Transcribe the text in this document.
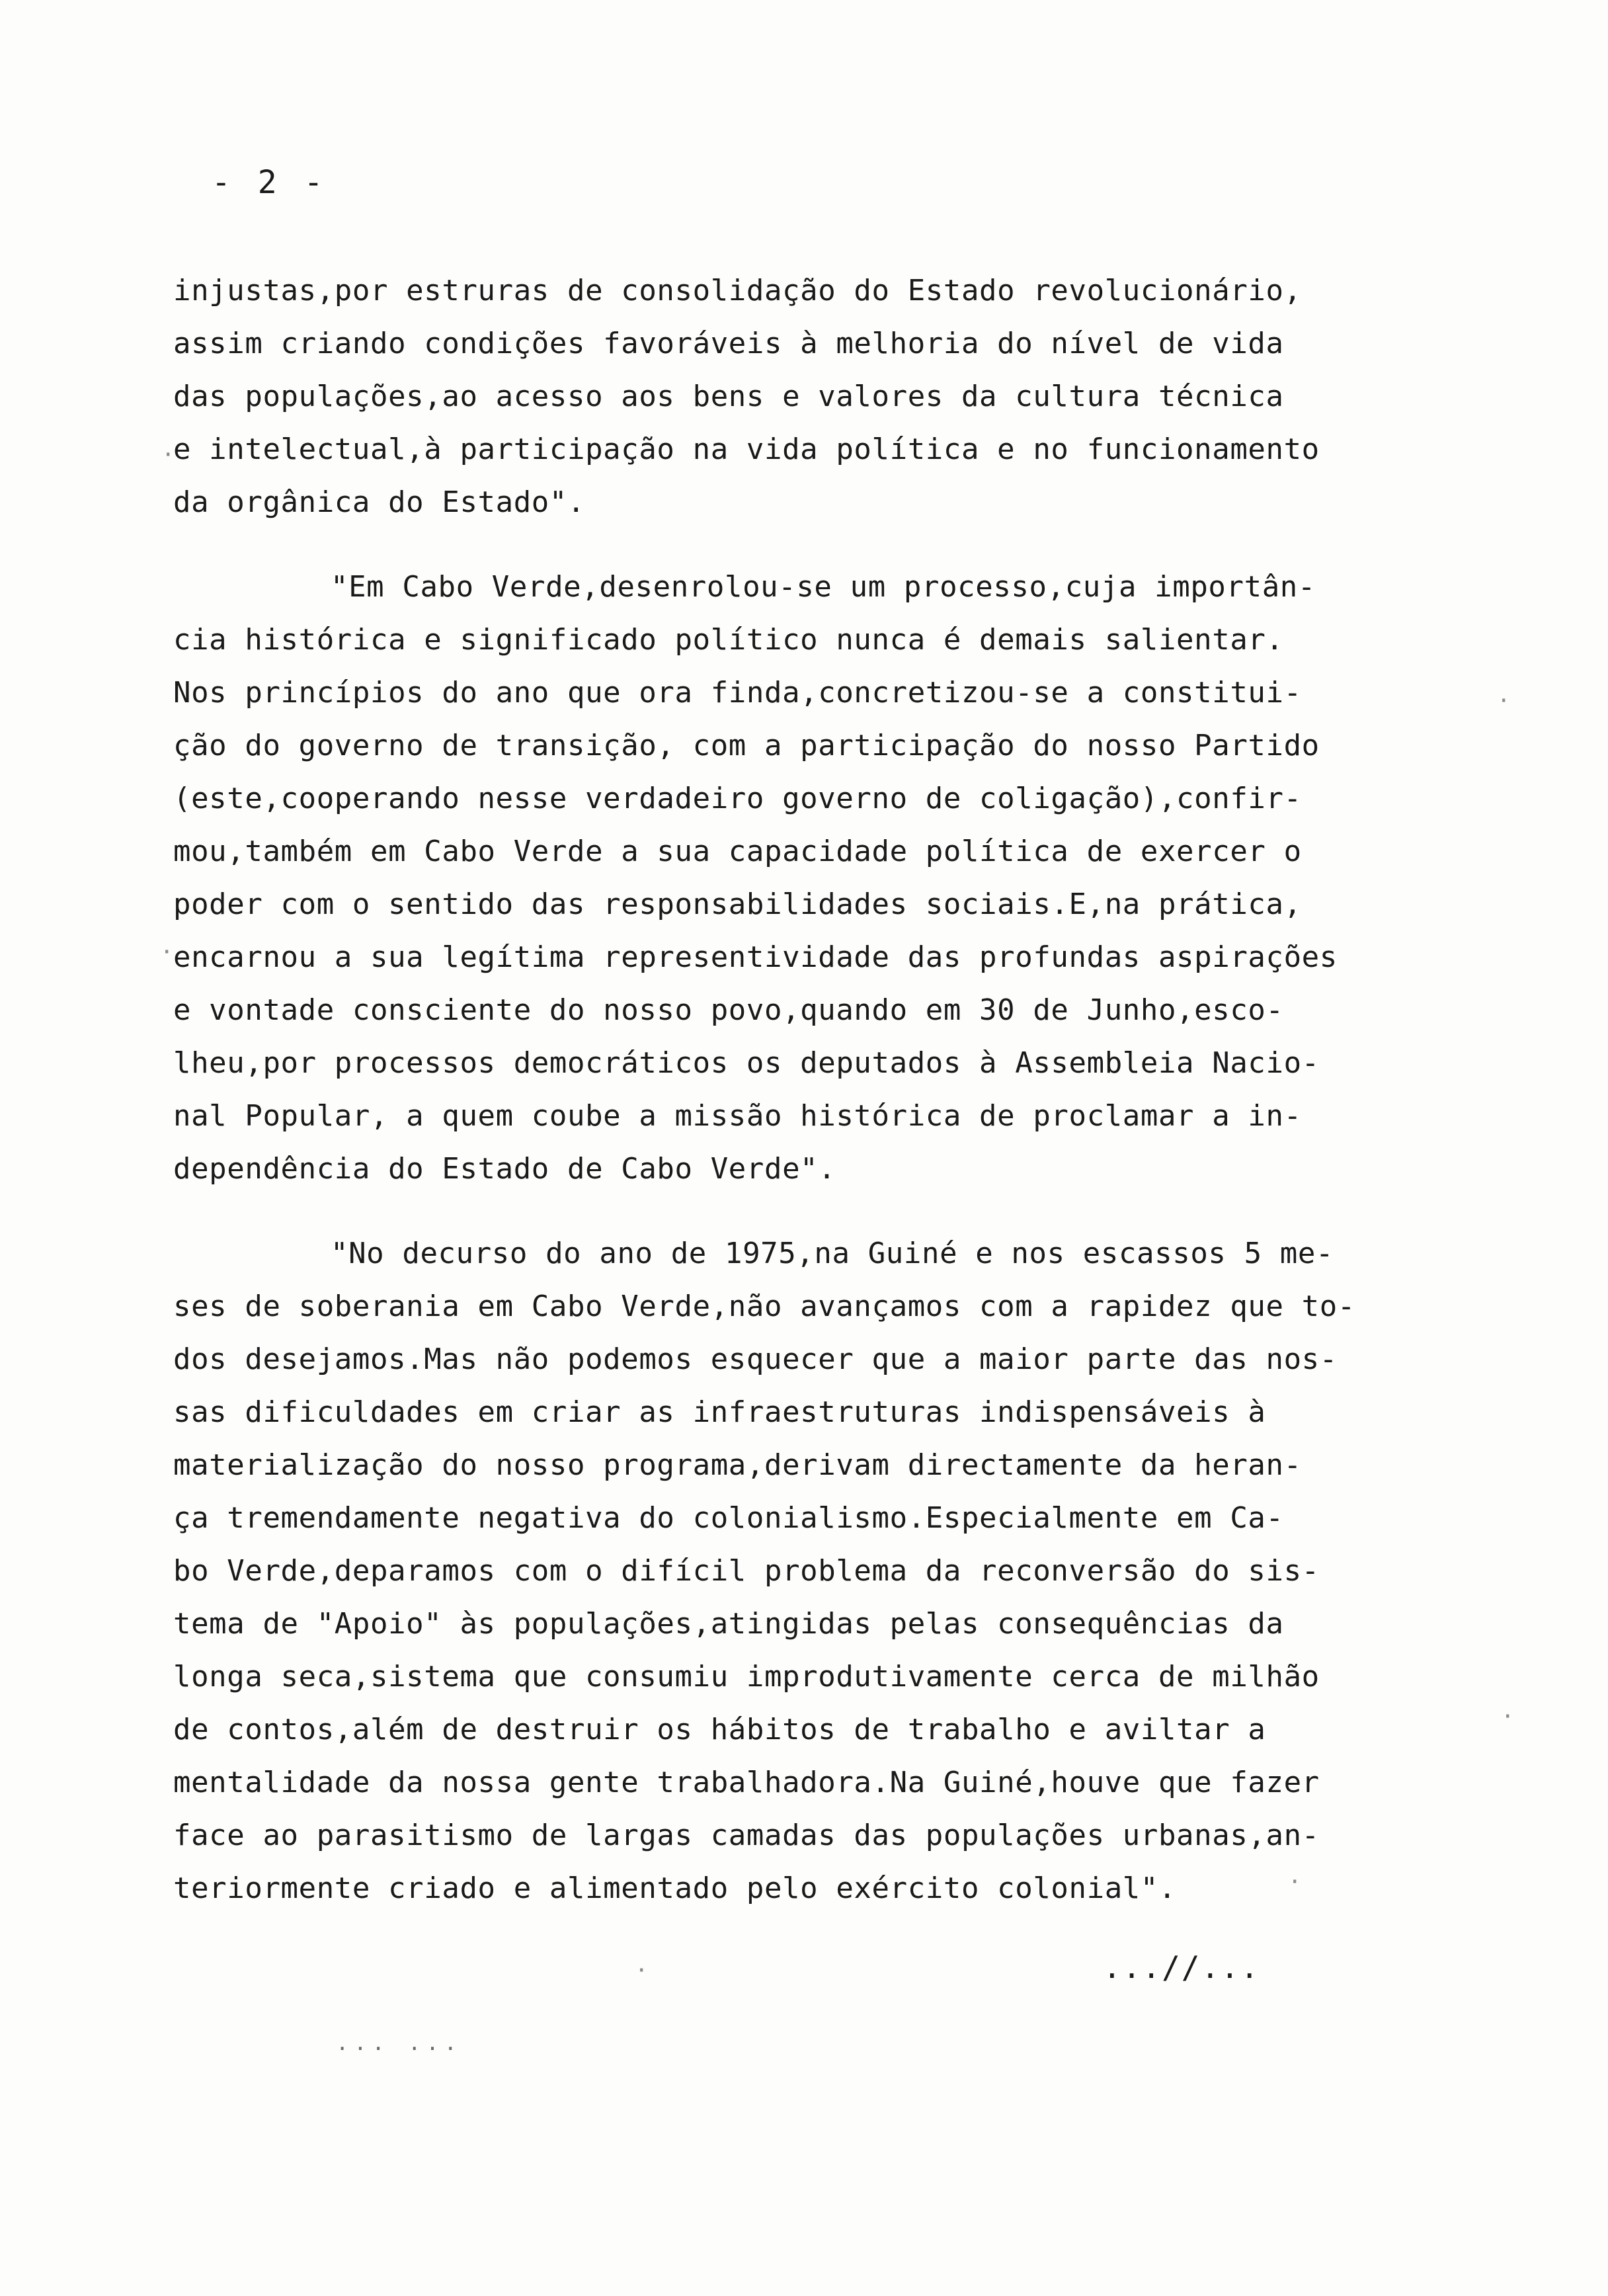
- 2 -
injustas,por estruras de consolidação do Estado revolucionário,
assim criando condições favoráveis à melhoria do nível de vida
das populações,ao acesso aos bens e valores da cultura técnica
e intelectual,à participação na vida política e no funcionamento
da orgânica do Estado".
"Em Cabo Verde,desenrolou-se um processo,cuja importân-
cia histórica e significado político nunca é demais salientar.
Nos princípios do ano que ora finda,concretizou-se a constitui-
ção do governo de transição, com a participação do nosso Partido
(este,cooperando nesse verdadeiro governo de coligação),confir-
mou,também em Cabo Verde a sua capacidade política de exercer o
poder com o sentido das responsabilidades sociais.E,na prática,
encarnou a sua legítima representividade das profundas aspirações
e vontade consciente do nosso povo,quando em 30 de Junho,esco-
lheu,por processos democráticos os deputados à Assembleia Nacio-
nal Popular, a quem coube a missão histórica de proclamar a in-
dependência do Estado de Cabo Verde".
"No decurso do ano de 1975,na Guiné e nos escassos 5 me-
ses de soberania em Cabo Verde,não avançamos com a rapidez que to-
dos desejamos.Mas não podemos esquecer que a maior parte das nos-
sas dificuldades em criar as infraestruturas indispensáveis à
materialização do nosso programa,derivam directamente da heran-
ça tremendamente negativa do colonialismo.Especialmente em Ca-
bo Verde,deparamos com o difícil problema da reconversão do sis-
tema de "Apoio" às populações,atingidas pelas consequências da
longa seca,sistema que consumiu improdutivamente cerca de milhão
de contos,além de destruir os hábitos de trabalho e aviltar a
mentalidade da nossa gente trabalhadora.Na Guiné,houve que fazer
face ao parasitismo de largas camadas das populações urbanas,an-
teriormente criado e alimentado pelo exército colonial".
...//...
... ...
·
·
·
·
·
·
